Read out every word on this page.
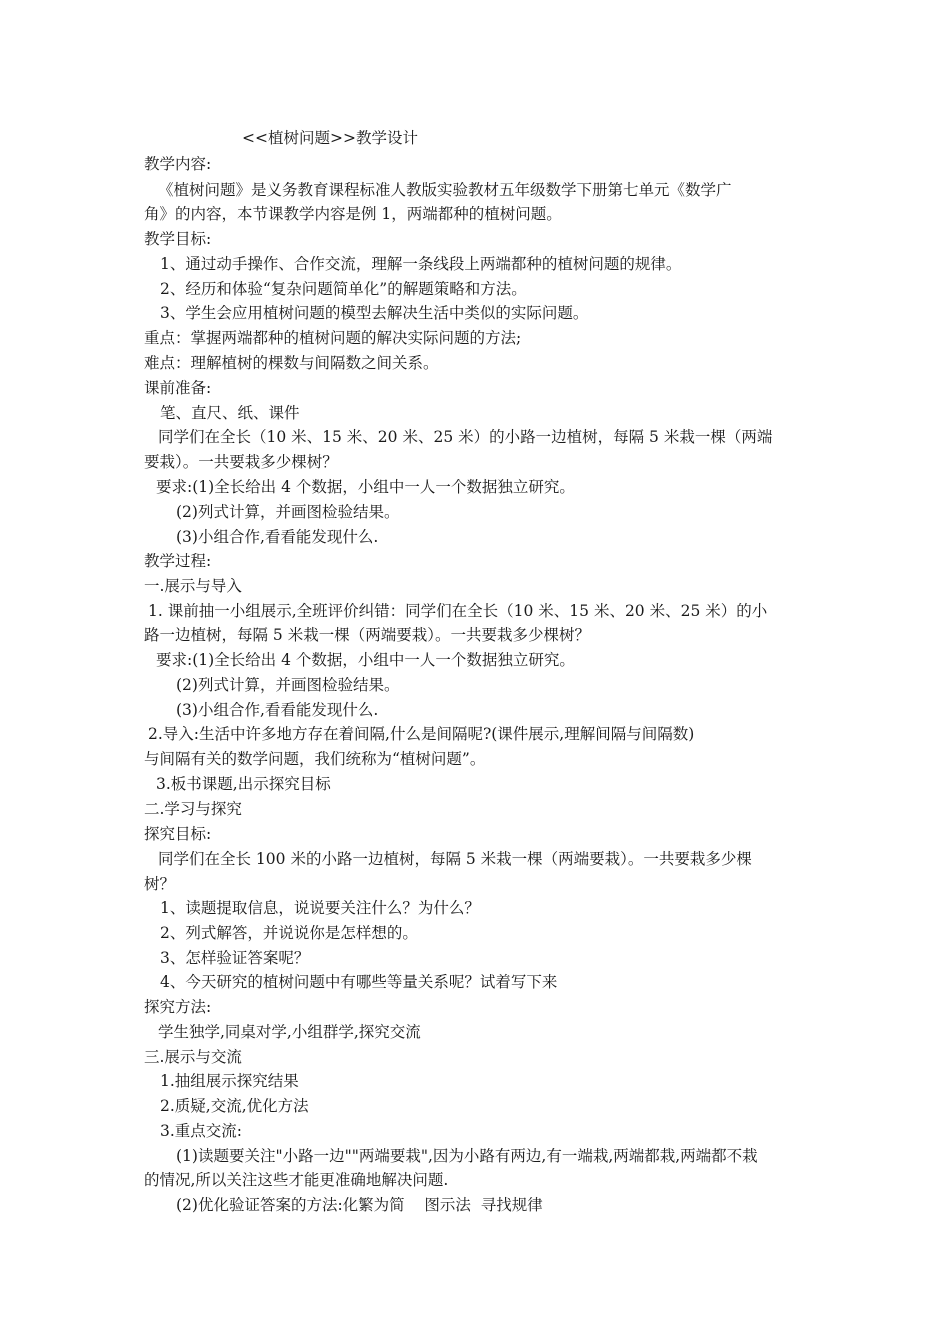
<<植树问题>>教学设计
教学内容:
《植树问题》是义务教育课程标准人教版实验教材五年级数学下册第七单元《数学广
角》的内容，本节课教学内容是例 1，两端都种的植树问题。
教学目标:
1、通过动手操作、合作交流，理解一条线段上两端都种的植树问题的规律。
2、经历和体验“复杂问题简单化”的解题策略和方法。
3、学生会应用植树问题的模型去解决生活中类似的实际问题。
重点：掌握两端都种的植树问题的解决实际问题的方法;
难点：理解植树的棵数与间隔数之间关系。
课前准备:
笔、直尺、纸、课件
同学们在全长（10 米、15 米、20 米、25 米）的小路一边植树，每隔 5 米栽一棵（两端
要栽）。一共要栽多少棵树？
要求:(1)全长给出 4 个数据，小组中一人一个数据独立研究。
(2)列式计算，并画图检验结果。
(3)小组合作,看看能发现什么.
教学过程:
一.展示与导入
1. 课前抽一小组展示,全班评价纠错：同学们在全长（10 米、15 米、20 米、25 米）的小
路一边植树，每隔 5 米栽一棵（两端要栽）。一共要栽多少棵树？
要求:(1)全长给出 4 个数据，小组中一人一个数据独立研究。
(2)列式计算，并画图检验结果。
(3)小组合作,看看能发现什么.
2.导入:生活中许多地方存在着间隔,什么是间隔呢?(课件展示,理解间隔与间隔数)
与间隔有关的数学问题，我们统称为“植树问题”。
3.板书课题,出示探究目标
二.学习与探究
探究目标:
同学们在全长 100 米的小路一边植树，每隔 5 米栽一棵（两端要栽）。一共要栽多少棵
树？
1、读题提取信息，说说要关注什么？为什么？
2、列式解答，并说说你是怎样想的。
3、怎样验证答案呢？
4、今天研究的植树问题中有哪些等量关系呢？试着写下来
探究方法:
学生独学,同桌对学,小组群学,探究交流
三.展示与交流
1.抽组展示探究结果
2.质疑,交流,优化方法
3.重点交流:
(1)读题要关注"小路一边""两端要栽",因为小路有两边,有一端栽,两端都栽,两端都不栽
的情况,所以关注这些才能更准确地解决问题.
(2)优化验证答案的方法:化繁为简    图示法  寻找规律
